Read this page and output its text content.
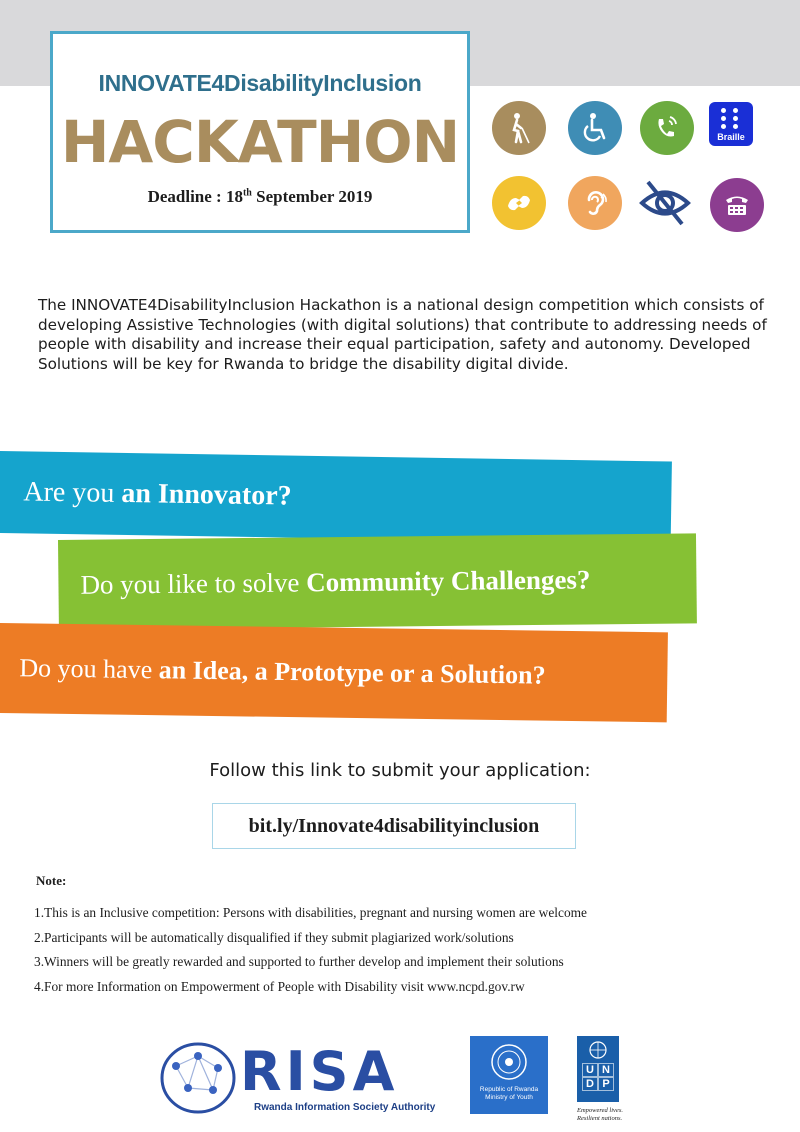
INNOVATE4DisabilityInclusion
HACKATHON
Deadline : 18th September 2019
Braille
The INNOVATE4DisabilityInclusion Hackathon is a national design competition which consists of developing Assistive Technologies (with digital solutions) that contribute to addressing needs of people with disability and increase their equal participation, safety and autonomy. Developed Solutions will be key for Rwanda to bridge the disability digital divide.
Are you an Innovator?
Do you like to solve Community Challenges?
Do you have an Idea, a Prototype or a Solution?
Follow this link to submit your application:
bit.ly/Innovate4disabilityinclusion
Note:
1.This is an Inclusive competition: Persons with disabilities, pregnant and nursing women are welcome
2.Participants will be automatically disqualified if they submit plagiarized work/solutions
3.Winners will be greatly rewarded and supported to further develop and implement their solutions
4.For more Information on Empowerment of People with Disability visit www.ncpd.gov.rw
RISA
Rwanda Information Society Authority
Republic of Rwanda
Ministry of Youth
U N
D P
Empowered lives.
Resilient nations.
